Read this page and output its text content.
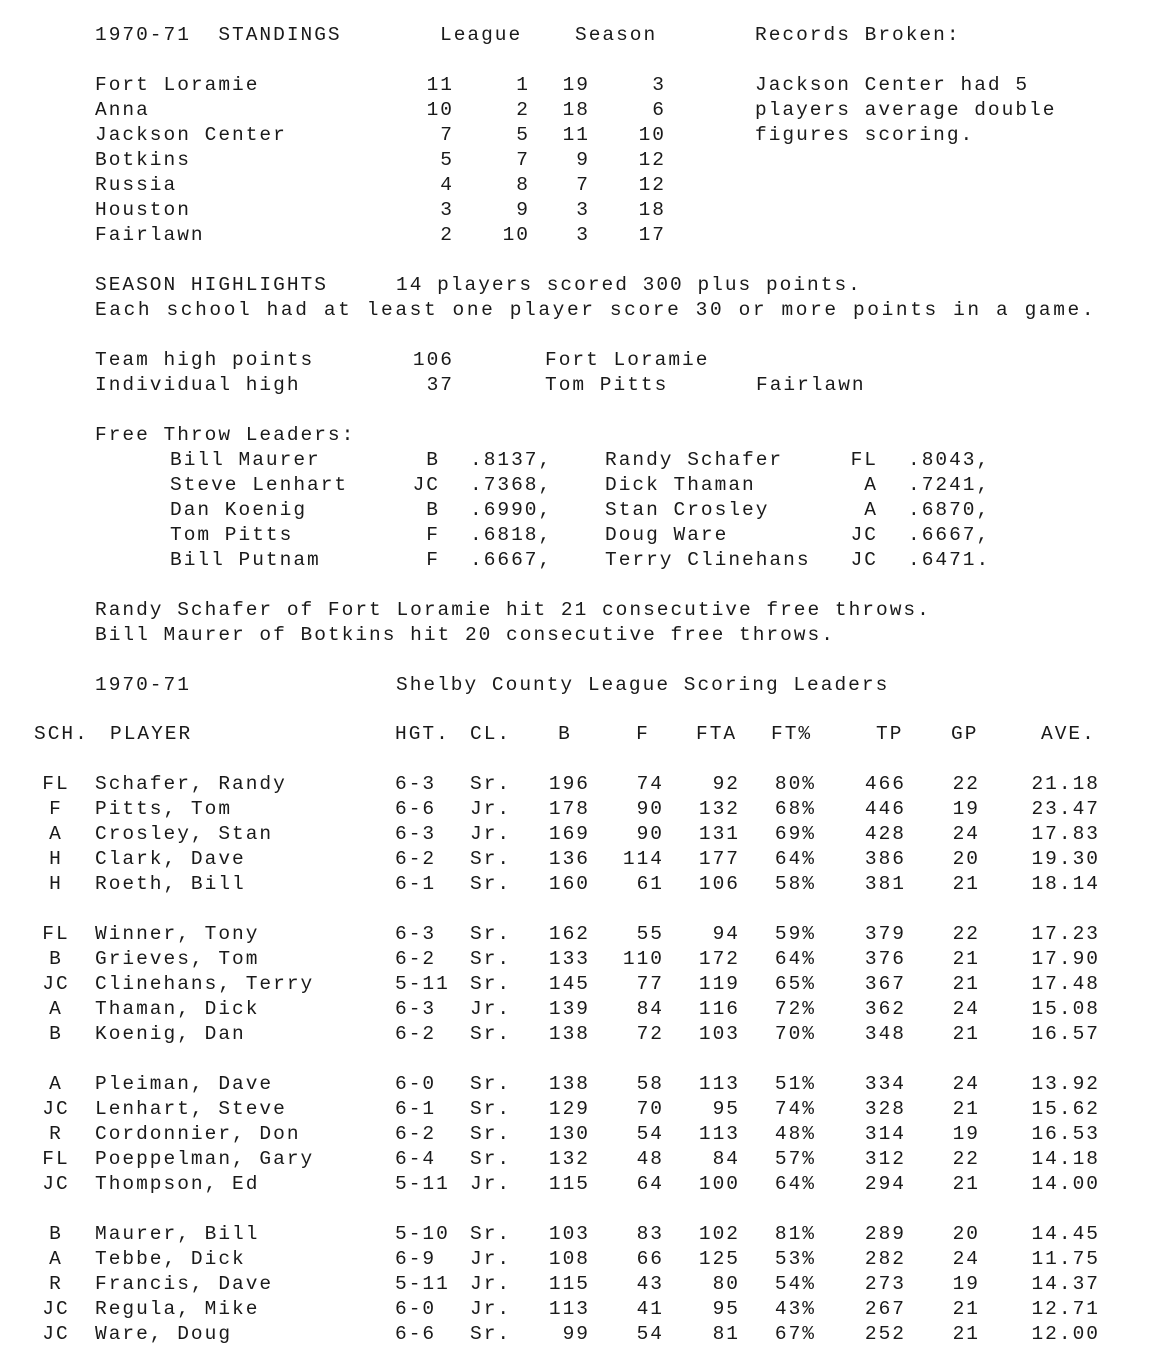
1970-71  STANDINGS	League	Season	Records Broken:
Fort Loramie	11	1	19	3
Anna	10	2	18	6
Jackson Center	7	5	11	10
Botkins	5	7	9	12
Russia	4	8	7	12
Houston	3	9	3	18
Fairlawn	2	10	3	17
Jackson Center had 5
players average double
figures scoring.
SEASON HIGHLIGHTS	14 players scored 300 plus points.
Each school had at least one player score 30 or more points in a game.
Team high points	106	Fort Loramie
Individual high	37	Tom Pitts	Fairlawn
Free Throw Leaders:
Bill Maurer	B .8137,	Randy Schafer	FL .8043,
Steve Lenhart	JC .7368,	Dick Thaman	A .7241,
Dan Koenig	B .6990,	Stan Crosley	A .6870,
Tom Pitts	F .6818,	Doug Ware	JC .6667,
Bill Putnam	F .6667,	Terry Clinehans	JC .6471.
Randy Schafer of Fort Loramie hit 21 consecutive free throws.
Bill Maurer of Botkins hit 20 consecutive free throws.
1970-71	Shelby County League Scoring Leaders
SCH. PLAYER	HGT. CL.	B	F	FTA FT%	TP GP	AVE.
FL	Schafer, Randy	6-3 Sr.	196	74	92	80%	466	22	21.18
F	Pitts, Tom	6-6 Jr.	178	90	132	68%	446	19	23.47
A	Crosley, Stan	6-3 Jr.	169	90	131	69%	428	24	17.83
H	Clark, Dave	6-2 Sr.	136	114	177	64%	386	20	19.30
H	Roeth, Bill	6-1 Sr.	160	61	106	58%	381	21	18.14
FL	Winner, Tony	6-3 Sr.	162	55	94	59%	379	22	17.23
B	Grieves, Tom	6-2 Sr.	133	110	172	64%	376	21	17.90
JC	Clinehans, Terry	5-11 Sr.	145	77	119	65%	367	21	17.48
A	Thaman, Dick	6-3 Jr.	139	84	116	72%	362	24	15.08
B	Koenig, Dan	6-2 Sr.	138	72	103	70%	348	21	16.57
A	Pleiman, Dave	6-0 Sr.	138	58	113	51%	334	24	13.92
JC	Lenhart, Steve	6-1 Sr.	129	70	95	74%	328	21	15.62
R	Cordonnier, Don	6-2 Sr.	130	54	113	48%	314	19	16.53
FL	Poeppelman, Gary	6-4 Sr.	132	48	84	57%	312	22	14.18
JC	Thompson, Ed	5-11 Jr.	115	64	100	64%	294	21	14.00
B	Maurer, Bill	5-10 Sr.	103	83	102	81%	289	20	14.45
A	Tebbe, Dick	6-9 Jr.	108	66	125	53%	282	24	11.75
R	Francis, Dave	5-11 Jr.	115	43	80	54%	273	19	14.37
JC	Regula, Mike	6-0 Jr.	113	41	95	43%	267	21	12.71
JC	Ware, Doug	6-6 Sr.	99	54	81	67%	252	21	12.00
